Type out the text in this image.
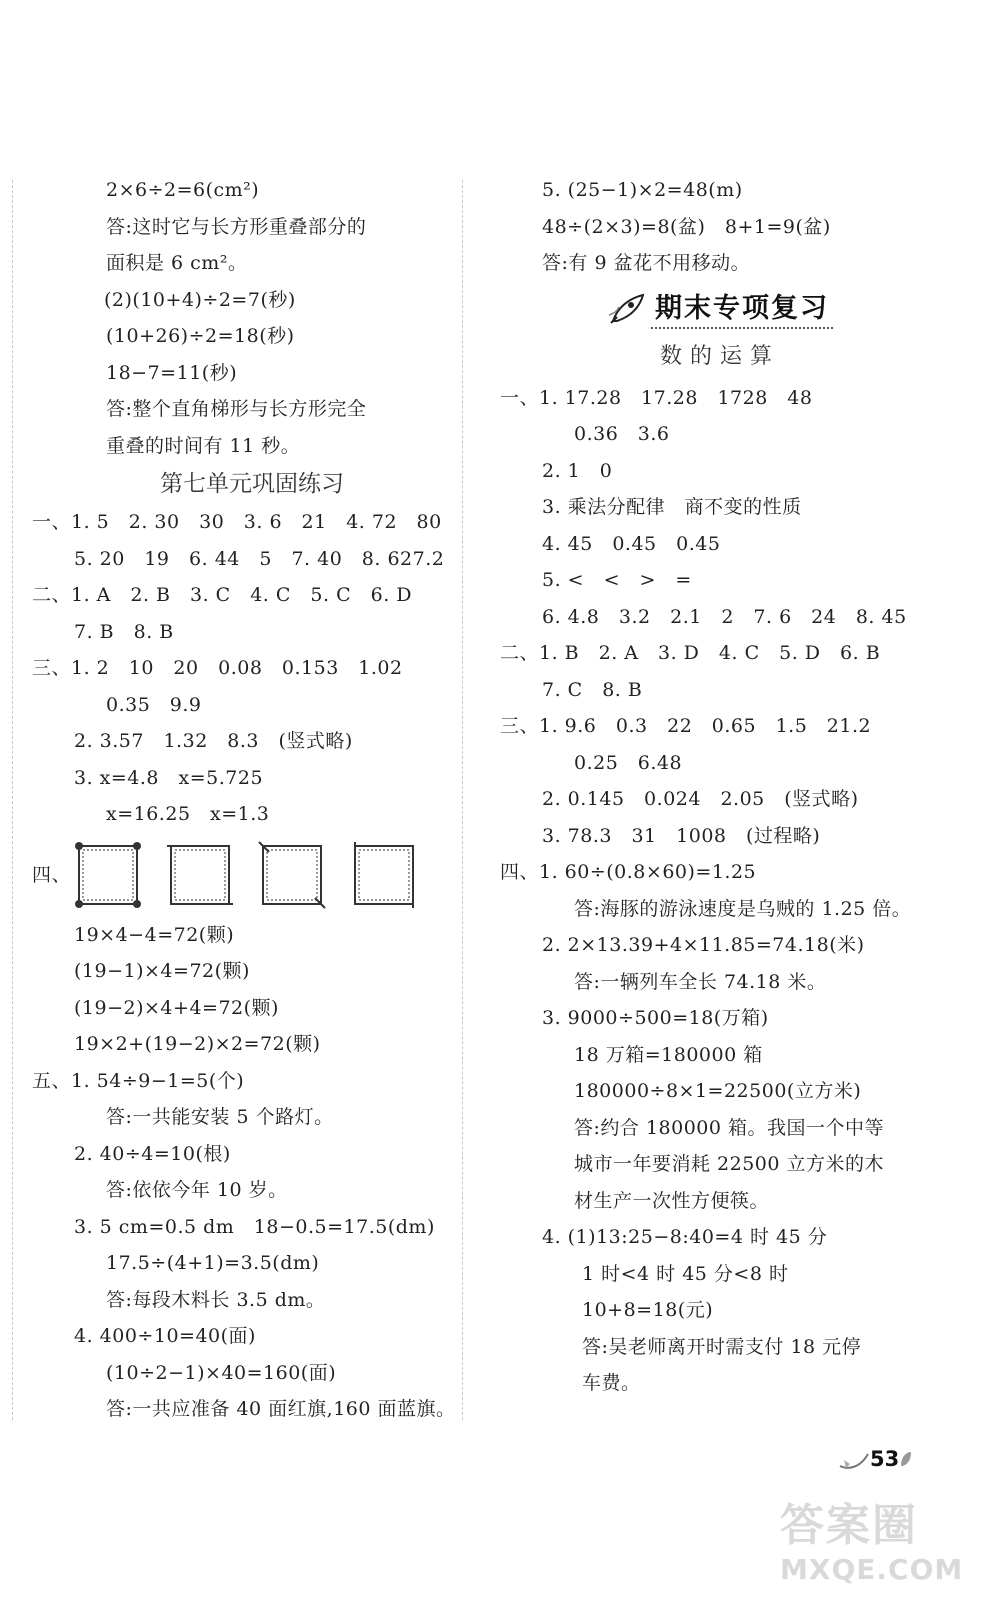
2×6÷2=6(cm²)
答:这时它与长方形重叠部分的
面积是 6 cm²。
(2)(10+4)÷2=7(秒)
(10+26)÷2=18(秒)
18−7=11(秒)
答:整个直角梯形与长方形完全
重叠的时间有 11 秒。
第七单元巩固练习
一、1. 5　2. 30　30　3. 6　21　4. 72　80
5. 20　19　6. 44　5　7. 40　8. 627.2
二、1. A　2. B　3. C　4. C　5. C　6. D
7. B　8. B
三、1. 2　10　20　0.08　0.153　1.02
0.35　9.9
2. 3.57　1.32　8.3　(竖式略)
3. x=4.8　x=5.725
x=16.25　x=1.3
四、
19×4−4=72(颗)
(19−1)×4=72(颗)
(19−2)×4+4=72(颗)
19×2+(19−2)×2=72(颗)
五、1. 54÷9−1=5(个)
答:一共能安装 5 个路灯。
2. 40÷4=10(根)
答:依依今年 10 岁。
3. 5 cm=0.5 dm　18−0.5=17.5(dm)
17.5÷(4+1)=3.5(dm)
答:每段木料长 3.5 dm。
4. 400÷10=40(面)
(10÷2−1)×40=160(面)
答:一共应准备 40 面红旗,160 面蓝旗。
5. (25−1)×2=48(m)
48÷(2×3)=8(盆)　8+1=9(盆)
答:有 9 盆花不用移动。
期末专项复习
数的运算
一、1. 17.28　17.28　1728　48
0.36　3.6
2. 1　0
3. 乘法分配律　商不变的性质
4. 45　0.45　0.45
5. <　<　>　=
6. 4.8　3.2　2.1　2　7. 6　24　8. 45
二、1. B　2. A　3. D　4. C　5. D　6. B
7. C　8. B
三、1. 9.6　0.3　22　0.65　1.5　21.2
0.25　6.48
2. 0.145　0.024　2.05　(竖式略)
3. 78.3　31　1008　(过程略)
四、1. 60÷(0.8×60)=1.25
答:海豚的游泳速度是乌贼的 1.25 倍。
2. 2×13.39+4×11.85=74.18(米)
答:一辆列车全长 74.18 米。
3. 9000÷500=18(万箱)
18 万箱=180000 箱
180000÷8×1=22500(立方米)
答:约合 180000 箱。我国一个中等
城市一年要消耗 22500 立方米的木
材生产一次性方便筷。
4. (1)13:25−8:40=4 时 45 分
1 时<4 时 45 分<8 时
10+8=18(元)
答:吴老师离开时需支付 18 元停
车费。
53
答案圈
MXQE.COM
